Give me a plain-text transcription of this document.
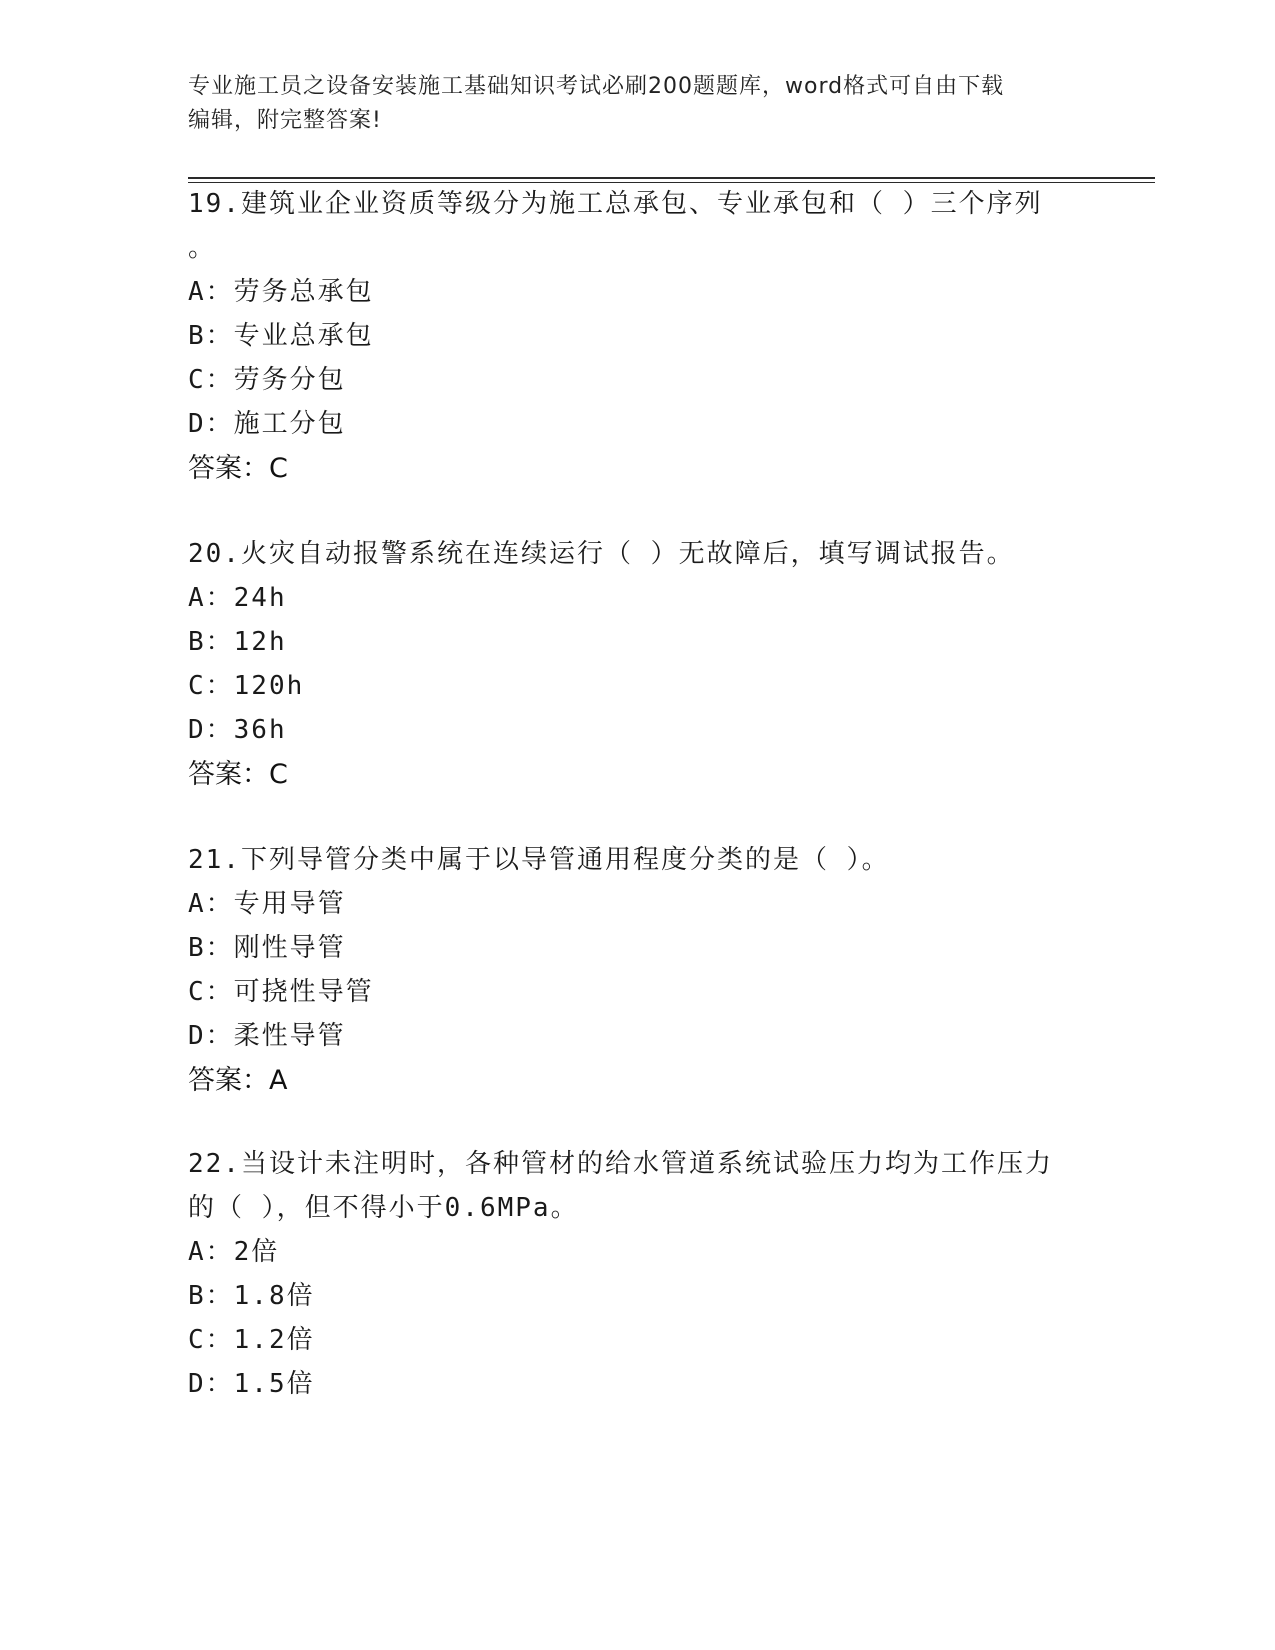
专业施工员之设备安装施工基础知识考试必刷200题题库，word格式可自由下载
编辑，附完整答案!
19.建筑业企业资质等级分为施工总承包、专业承包和（ ）三个序列
。
A：劳务总承包
B：专业总承包
C：劳务分包
D：施工分包
答案：C
20.火灾自动报警系统在连续运行（ ）无故障后，填写调试报告。
A：24h
B：12h
C：120h
D：36h
答案：C
21.下列导管分类中属于以导管通用程度分类的是（ ）。
A：专用导管
B：刚性导管
C：可挠性导管
D：柔性导管
答案：A
22.当设计未注明时，各种管材的给水管道系统试验压力均为工作压力
的（ ），但不得小于0.6MPa。
A：2倍
B：1.8倍
C：1.2倍
D：1.5倍
